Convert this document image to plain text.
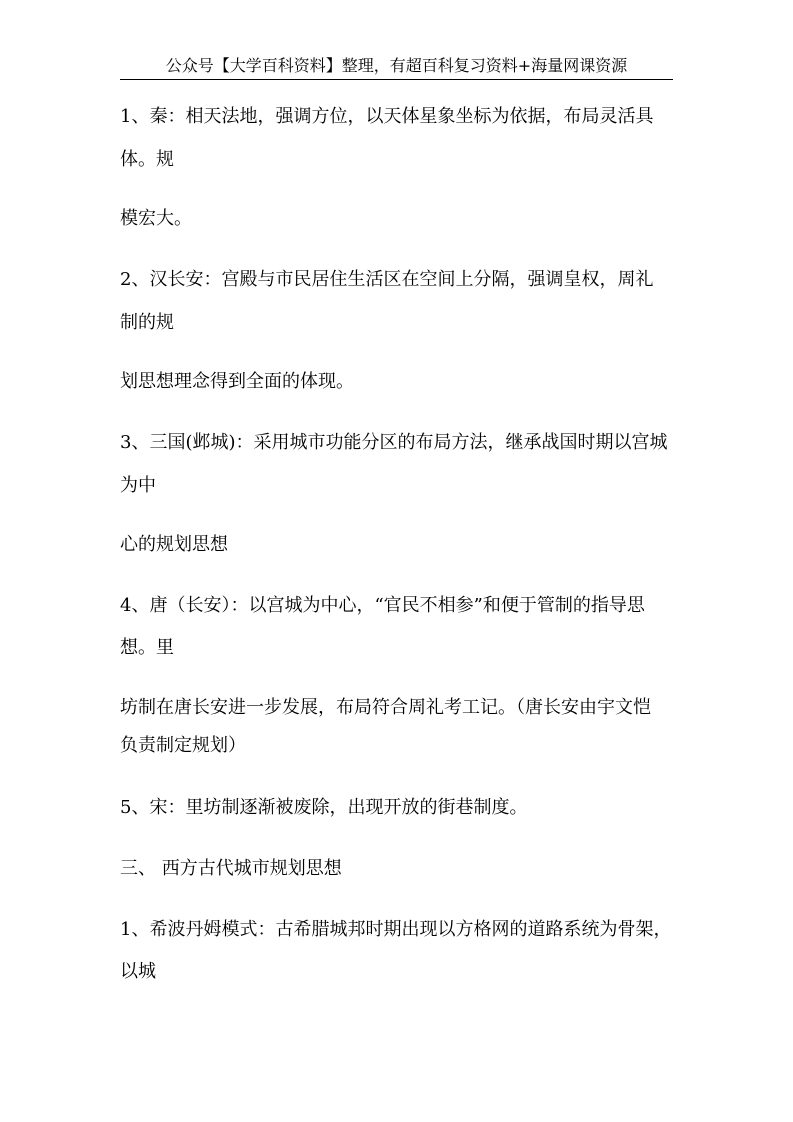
公众号【大学百科资料】整理，有超百科复习资料+海量网课资源
1、秦：相天法地，强调方位，以天体星象坐标为依据，布局灵活具
体。规
模宏大。
2、汉长安：宫殿与市民居住生活区在空间上分隔，强调皇权，周礼
制的规
划思想理念得到全面的体现。
3、三国(邺城)：采用城市功能分区的布局方法，继承战国时期以宫城
为中
心的规划思想
4、唐（长安）：以宫城为中心，“官民不相参”和便于管制的指导思
想。里
坊制在唐长安进一步发展，布局符合周礼考工记。（唐长安由宇文恺
负责制定规划）
5、宋：里坊制逐渐被废除，出现开放的街巷制度。
三、 西方古代城市规划思想
1、希波丹姆模式：古希腊城邦时期出现以方格网的道路系统为骨架，
以城
